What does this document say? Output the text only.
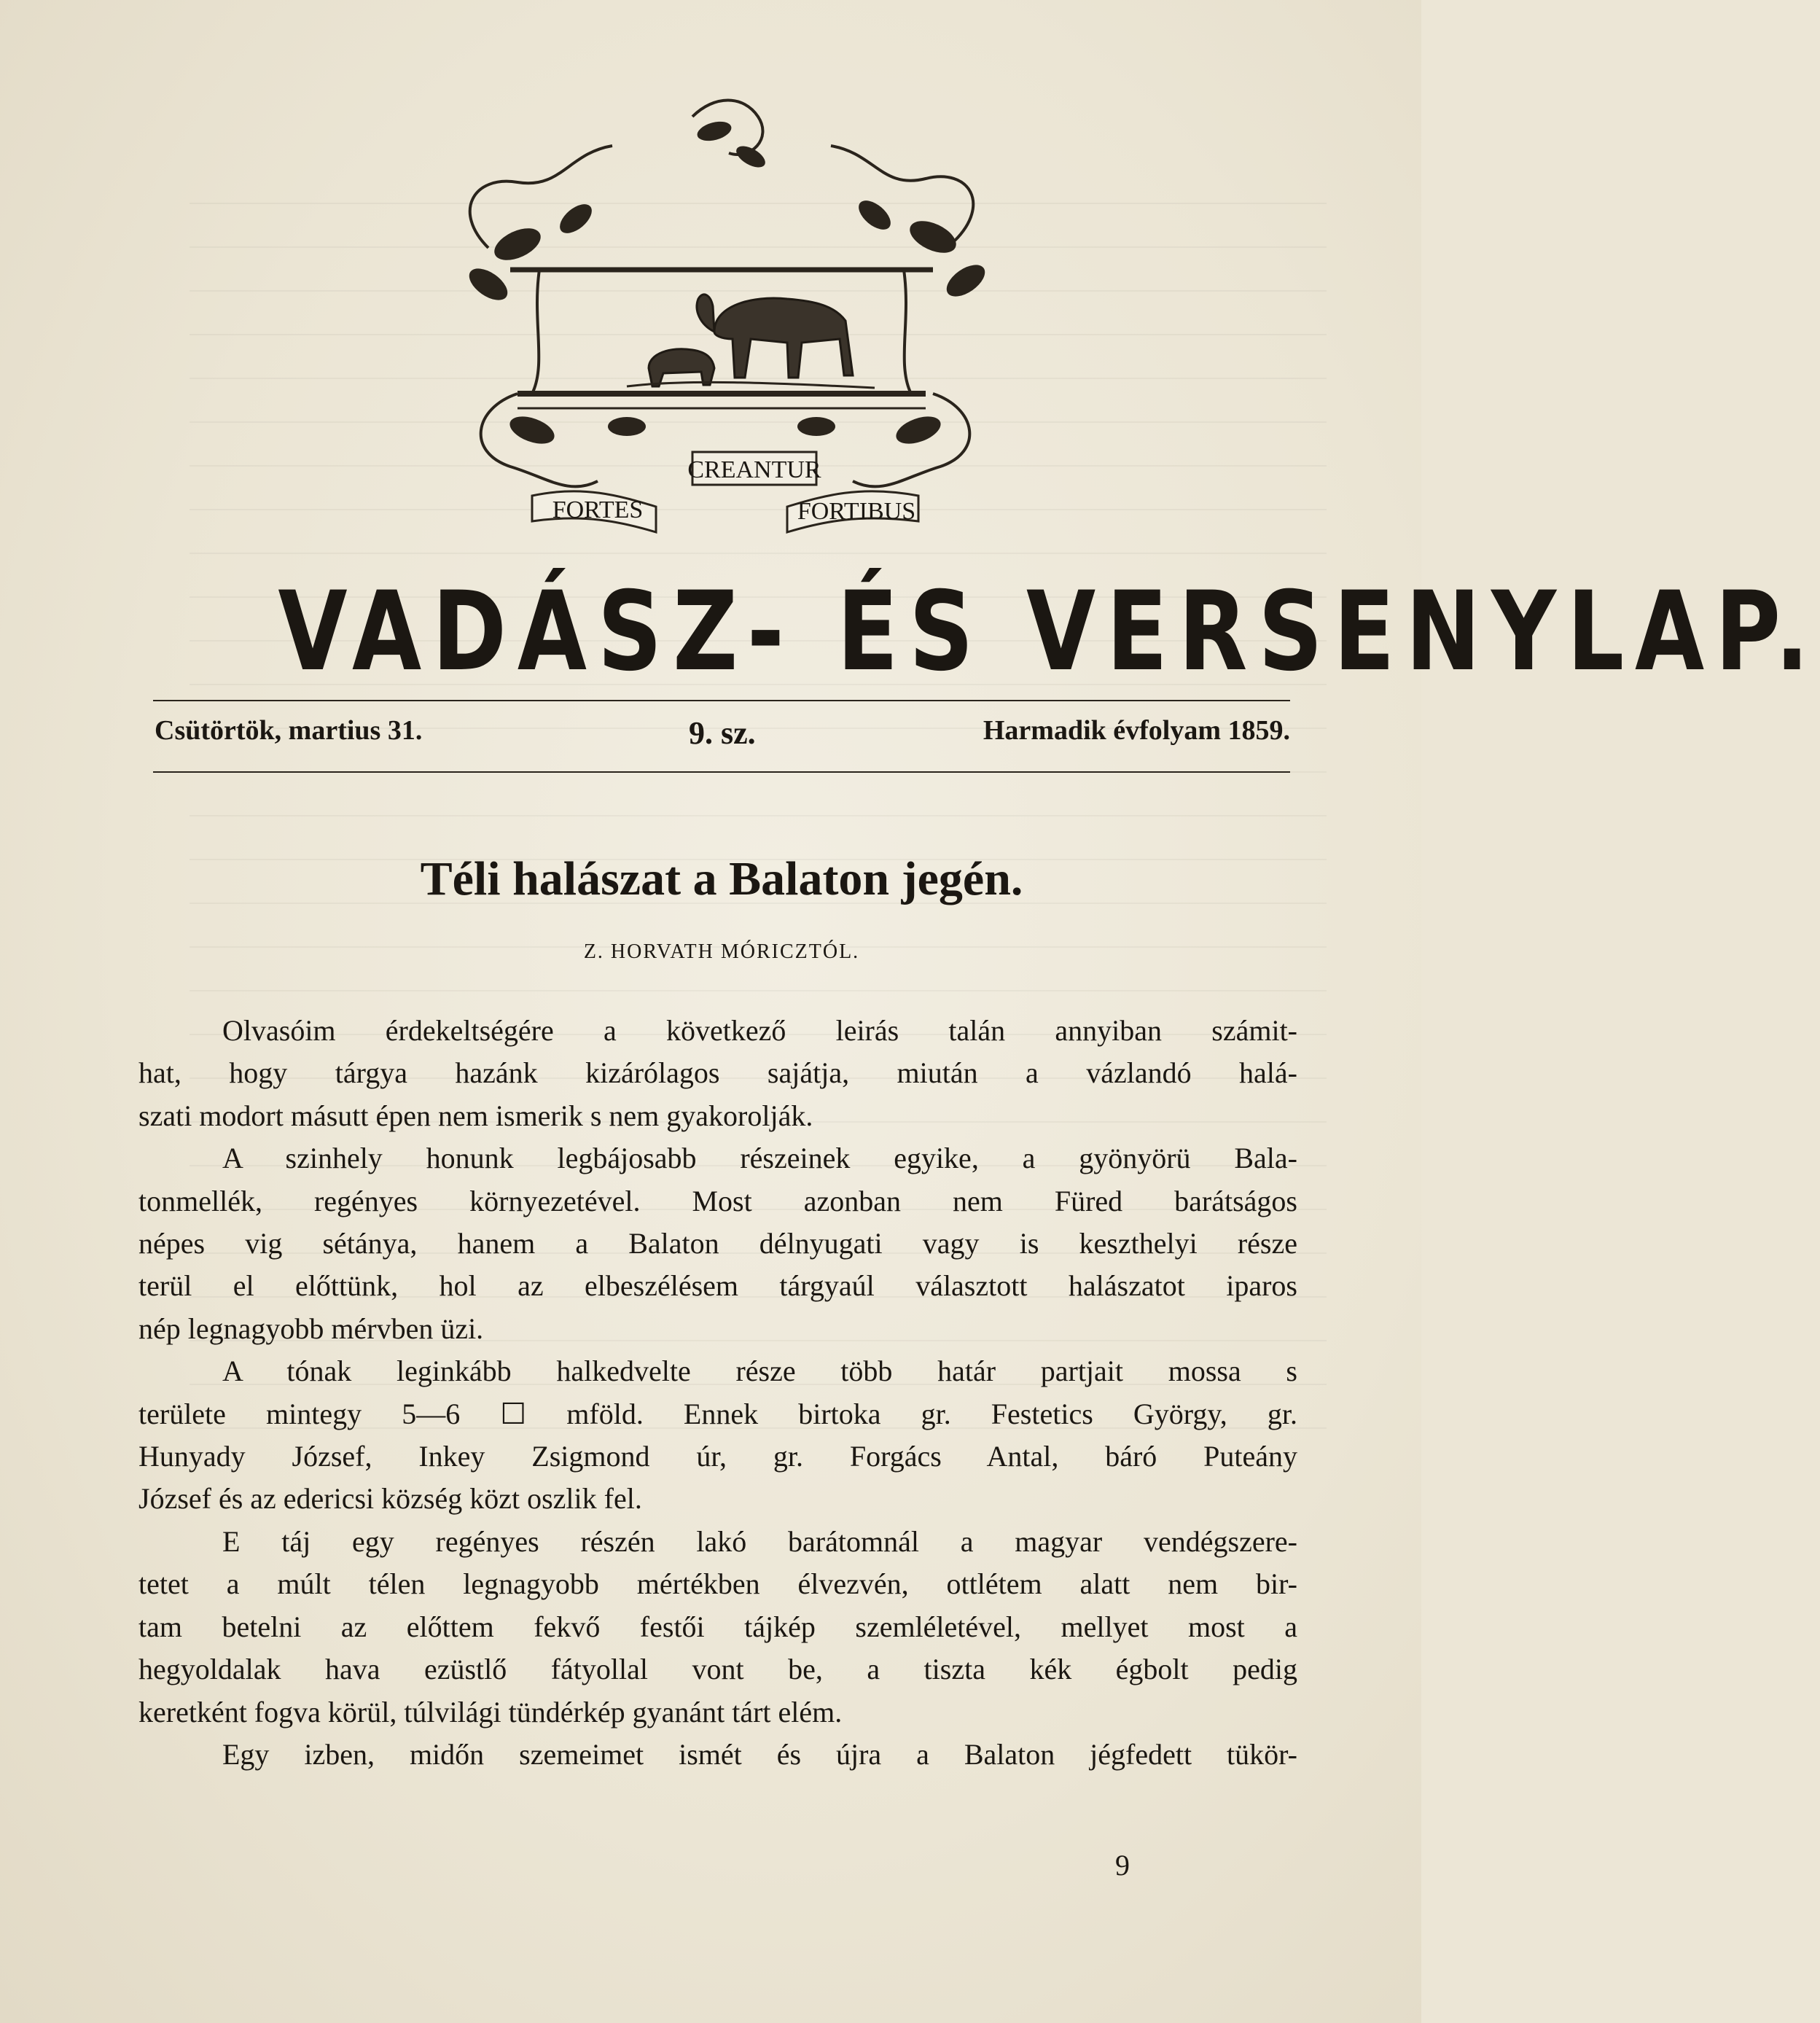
CREANTUR
FORTES	FORTIBUS
VADÁSZ- ÉS VERSENYLAP.
Csütörtök, martius 31.	9. sz.	Harmadik évfolyam 1859.
Téli halászat a Balaton jegén.
Z. HORVATH MÓRICZTÓL.
Olvasóim érdekeltségére a következő leirás talán annyiban számit-
hat, hogy tárgya hazánk kizárólagos sajátja, miután a vázlandó halá-
szati modort másutt épen nem ismerik s nem gyakorolják.
A szinhely honunk legbájosabb részeinek egyike, a gyönyörü Bala-
tonmellék, regényes környezetével. Most azonban nem Füred barátságos
népes vig sétánya, hanem a Balaton délnyugati vagy is keszthelyi része
terül el előttünk, hol az elbeszélésem tárgyaúl választott halászatot iparos
nép legnagyobb mérvben üzi.
A tónak leginkább halkedvelte része több határ partjait mossa s
területe mintegy 5—6 ☐ mföld. Ennek birtoka gr. Festetics György, gr.
Hunyady József, Inkey Zsigmond úr, gr. Forgács Antal, báró Puteány
József és az edericsi község közt oszlik fel.
E táj egy regényes részén lakó barátomnál a magyar vendégszere-
tetet a múlt télen legnagyobb mértékben élvezvén, ottlétem alatt nem bir-
tam betelni az előttem fekvő festői tájkép szemléletével, mellyet most a
hegyoldalak hava ezüstlő fátyollal vont be, a tiszta kék égbolt pedig
keretként fogva körül, túlvilági tündérkép gyanánt tárt elém.
Egy izben, midőn szemeimet ismét és újra a Balaton jégfedett tükör-
9
